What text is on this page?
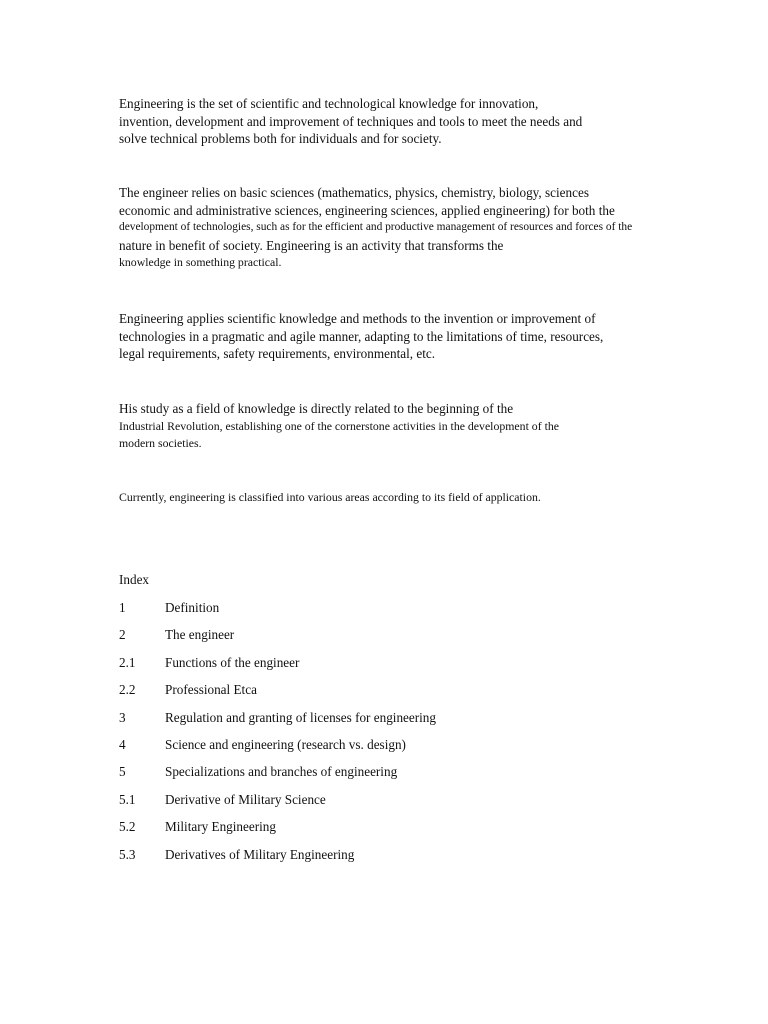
Engineering is the set of scientific and technological knowledge for innovation,
invention, development and improvement of techniques and tools to meet the needs and
solve technical problems both for individuals and for society.

The engineer relies on basic sciences (mathematics, physics, chemistry, biology, sciences
economic and administrative sciences, engineering sciences, applied engineering) for both the
development of technologies, such as for the efficient and productive management of resources and forces of the
nature in benefit of society. Engineering is an activity that transforms the
knowledge in something practical.

Engineering applies scientific knowledge and methods to the invention or improvement of
technologies in a pragmatic and agile manner, adapting to the limitations of time, resources,
legal requirements, safety requirements, environmental, etc.

His study as a field of knowledge is directly related to the beginning of the
Industrial Revolution, establishing one of the cornerstone activities in the development of the
modern societies.

Currently, engineering is classified into various areas according to its field of application.

Index
1	Definition
2	The engineer
2.1	Functions of the engineer
2.2	Professional Etca
3	Regulation and granting of licenses for engineering
4	Science and engineering (research vs. design)
5	Specializations and branches of engineering
5.1	Derivative of Military Science
5.2	Military Engineering
5.3	Derivatives of Military Engineering
